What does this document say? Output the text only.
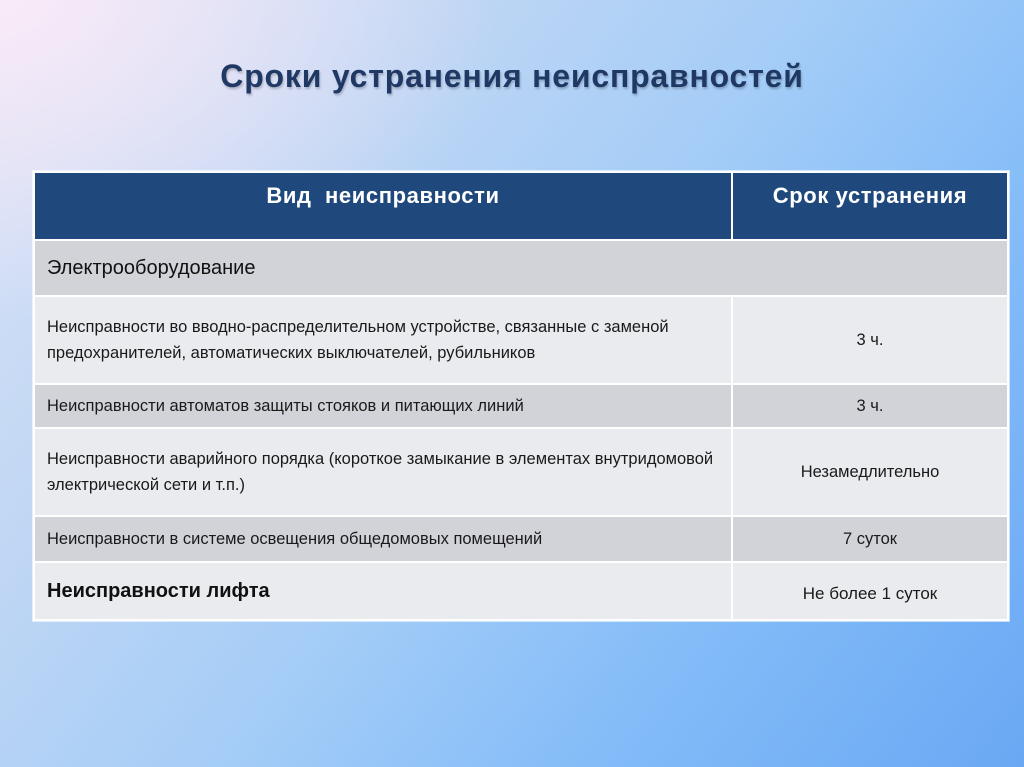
Сроки устранения неисправностей
Вид  неисправности	Срок устранения
Электрооборудование	
Неисправности во вводно-распределительном устройстве, связанные с заменой предохранителей, автоматических выключателей, рубильников	3 ч.
Неисправности автоматов защиты стояков и питающих линий	3 ч.
Неисправности аварийного порядка (короткое замыкание в элементах внутридомовой электрической сети и т.п.)	Незамедлительно
Неисправности в системе освещения общедомовых помещений	7 суток
Неисправности лифта	Не более 1 суток
